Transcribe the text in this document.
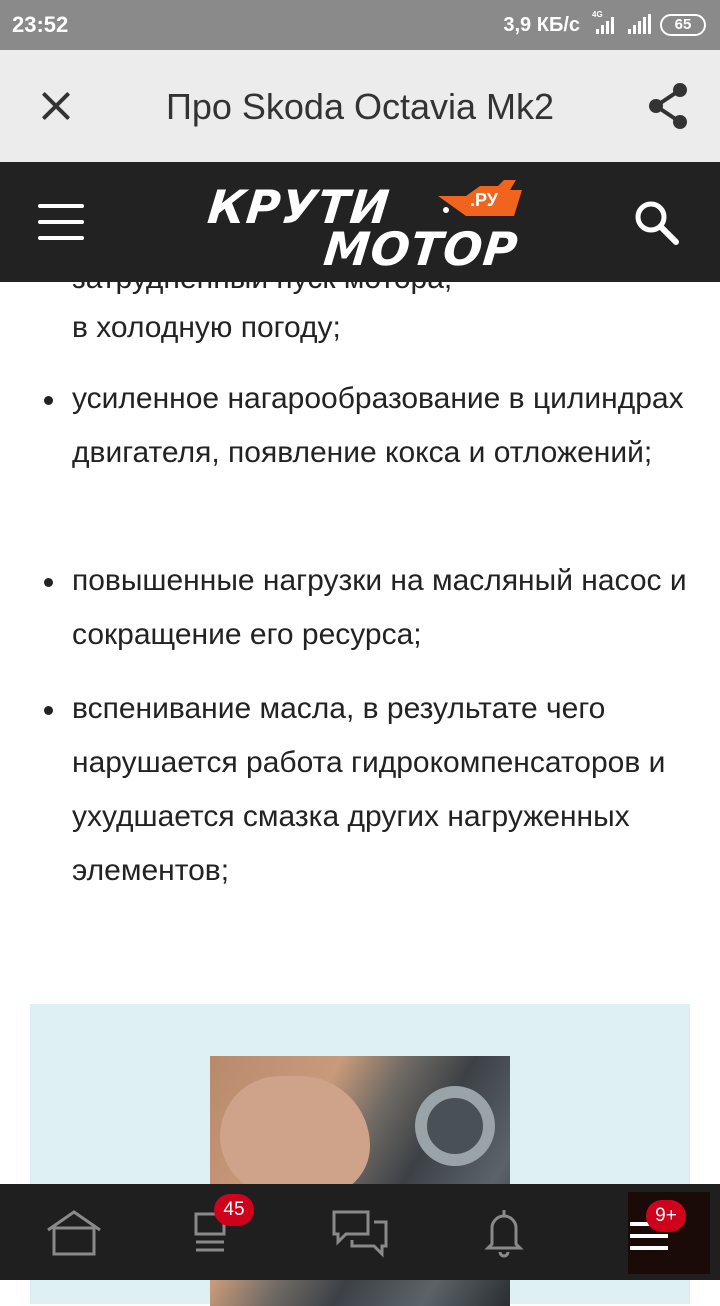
23:52	3,9 КБ/с 4G
65
Про Skoda Octavia Mk2
КРУТИ
МОТОР
.РУ
затруднённый пуск мотора,
в холодную погоду;
усиленное нагарообразование в цилиндрах двигателя, появление кокса и отложений;
повышенные нагрузки на масляный насос и сокращение его ресурса;
вспенивание масла, в результате чего нарушается работа гидрокомпенсаторов и ухудшается смазка других нагруженных элементов;
45	9+
